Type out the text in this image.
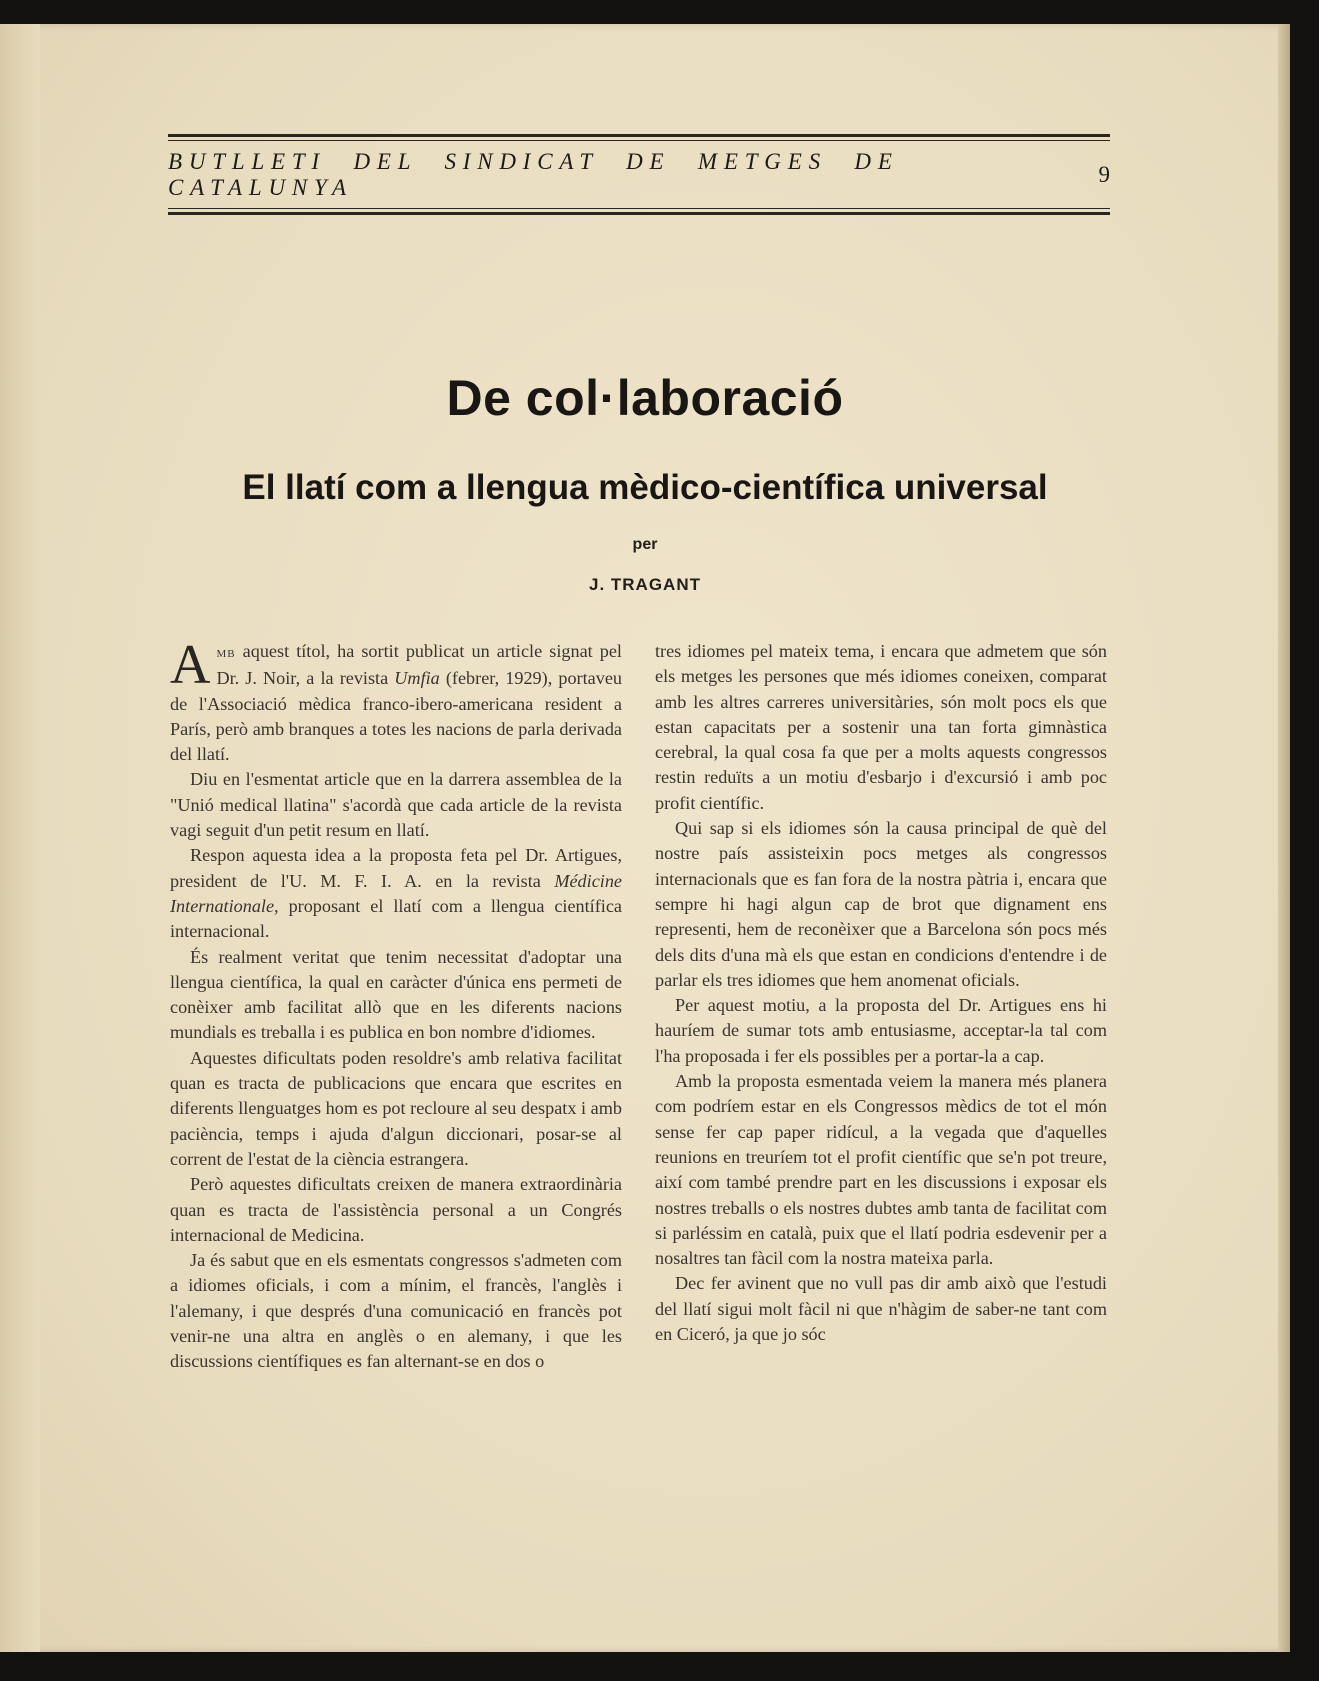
BUTLLETI DEL SINDICAT DE METGES DE CATALUNYA
9
De col·laboració
El llatí com a llengua mèdico-científica universal
per
J. TRAGANT

Amb aquest títol, ha sortit publicat un article signat pel Dr. J. Noir, a la revista Umfia (febrer, 1929), portaveu de l'Associació mèdica franco-ibero-americana resident a París, però amb branques a totes les nacions de parla derivada del llatí.

Diu en l'esmentat article que en la darrera assemblea de la "Unió medical llatina" s'acordà que cada article de la revista vagi seguit d'un petit resum en llatí.

Respon aquesta idea a la proposta feta pel Dr. Artigues, president de l'U. M. F. I. A. en la revista Médicine Internationale, proposant el llatí com a llengua científica internacional.

És realment veritat que tenim necessitat d'adoptar una llengua científica, la qual en caràcter d'única ens permeti de conèixer amb facilitat allò que en les diferents nacions mundials es treballa i es publica en bon nombre d'idiomes.

Aquestes dificultats poden resoldre's amb relativa facilitat quan es tracta de publicacions que encara que escrites en diferents llenguatges hom es pot recloure al seu despatx i amb paciència, temps i ajuda d'algun diccionari, posar-se al corrent de l'estat de la ciència estrangera.

Però aquestes dificultats creixen de manera extraordinària quan es tracta de l'assistència personal a un Congrés internacional de Medicina.

Ja és sabut que en els esmentats congressos s'admeten com a idiomes oficials, i com a mínim, el francès, l'anglès i l'alemany, i que després d'una comunicació en francès pot venir-ne una altra en anglès o en alemany, i que les discussions científiques es fan alternant-se en dos o

tres idiomes pel mateix tema, i encara que admetem que són els metges les persones que més idiomes coneixen, comparat amb les altres carreres universitàries, són molt pocs els que estan capacitats per a sostenir una tan forta gimnàstica cerebral, la qual cosa fa que per a molts aquests congressos restin reduïts a un motiu d'esbarjo i d'excursió i amb poc profit científic.

Qui sap si els idiomes són la causa principal de què del nostre país assisteixin pocs metges als congressos internacionals que es fan fora de la nostra pàtria i, encara que sempre hi hagi algun cap de brot que dignament ens representi, hem de reconèixer que a Barcelona són pocs més dels dits d'una mà els que estan en condicions d'entendre i de parlar els tres idiomes que hem anomenat oficials.

Per aquest motiu, a la proposta del Dr. Artigues ens hi hauríem de sumar tots amb entusiasme, acceptar-la tal com l'ha proposada i fer els possibles per a portar-la a cap.

Amb la proposta esmentada veiem la manera més planera com podríem estar en els Congressos mèdics de tot el món sense fer cap paper ridícul, a la vegada que d'aquelles reunions en treuríem tot el profit científic que se'n pot treure, així com també prendre part en les discussions i exposar els nostres treballs o els nostres dubtes amb tanta de facilitat com si parléssim en català, puix que el llatí podria esdevenir per a nosaltres tan fàcil com la nostra mateixa parla.

Dec fer avinent que no vull pas dir amb això que l'estudi del llatí sigui molt fàcil ni que n'hàgim de saber-ne tant com en Ciceró, ja que jo sóc
